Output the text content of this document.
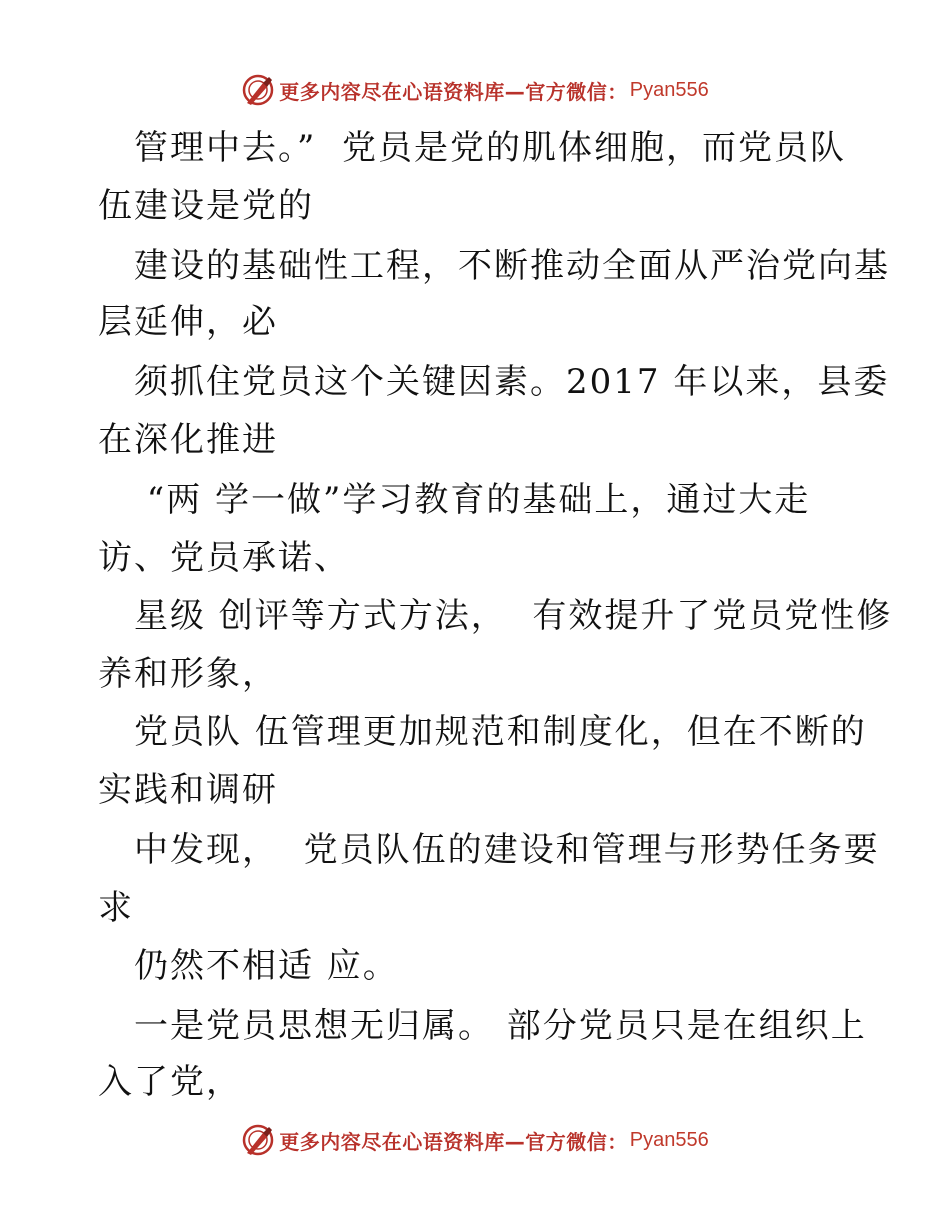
更多内容尽在心语资料库—官方微信： Pyan556
管理中去。”  党员是党的肌体细胞，而党员队
伍建设是党的
建设的基础性工程，不断推动全面从严治党向基
层延伸，必
须抓住党员这个关键因素。2017 年以来，县委
在深化推进
“两 学一做”学习教育的基础上，通过大走
访、党员承诺、
星级 创评等方式方法，  有效提升了党员党性修
养和形象，
党员队 伍管理更加规范和制度化，但在不断的
实践和调研
中发现，  党员队伍的建设和管理与形势任务要
求
仍然不相适 应。
一是党员思想无归属。 部分党员只是在组织上
入了党，
更多内容尽在心语资料库—官方微信： Pyan556
